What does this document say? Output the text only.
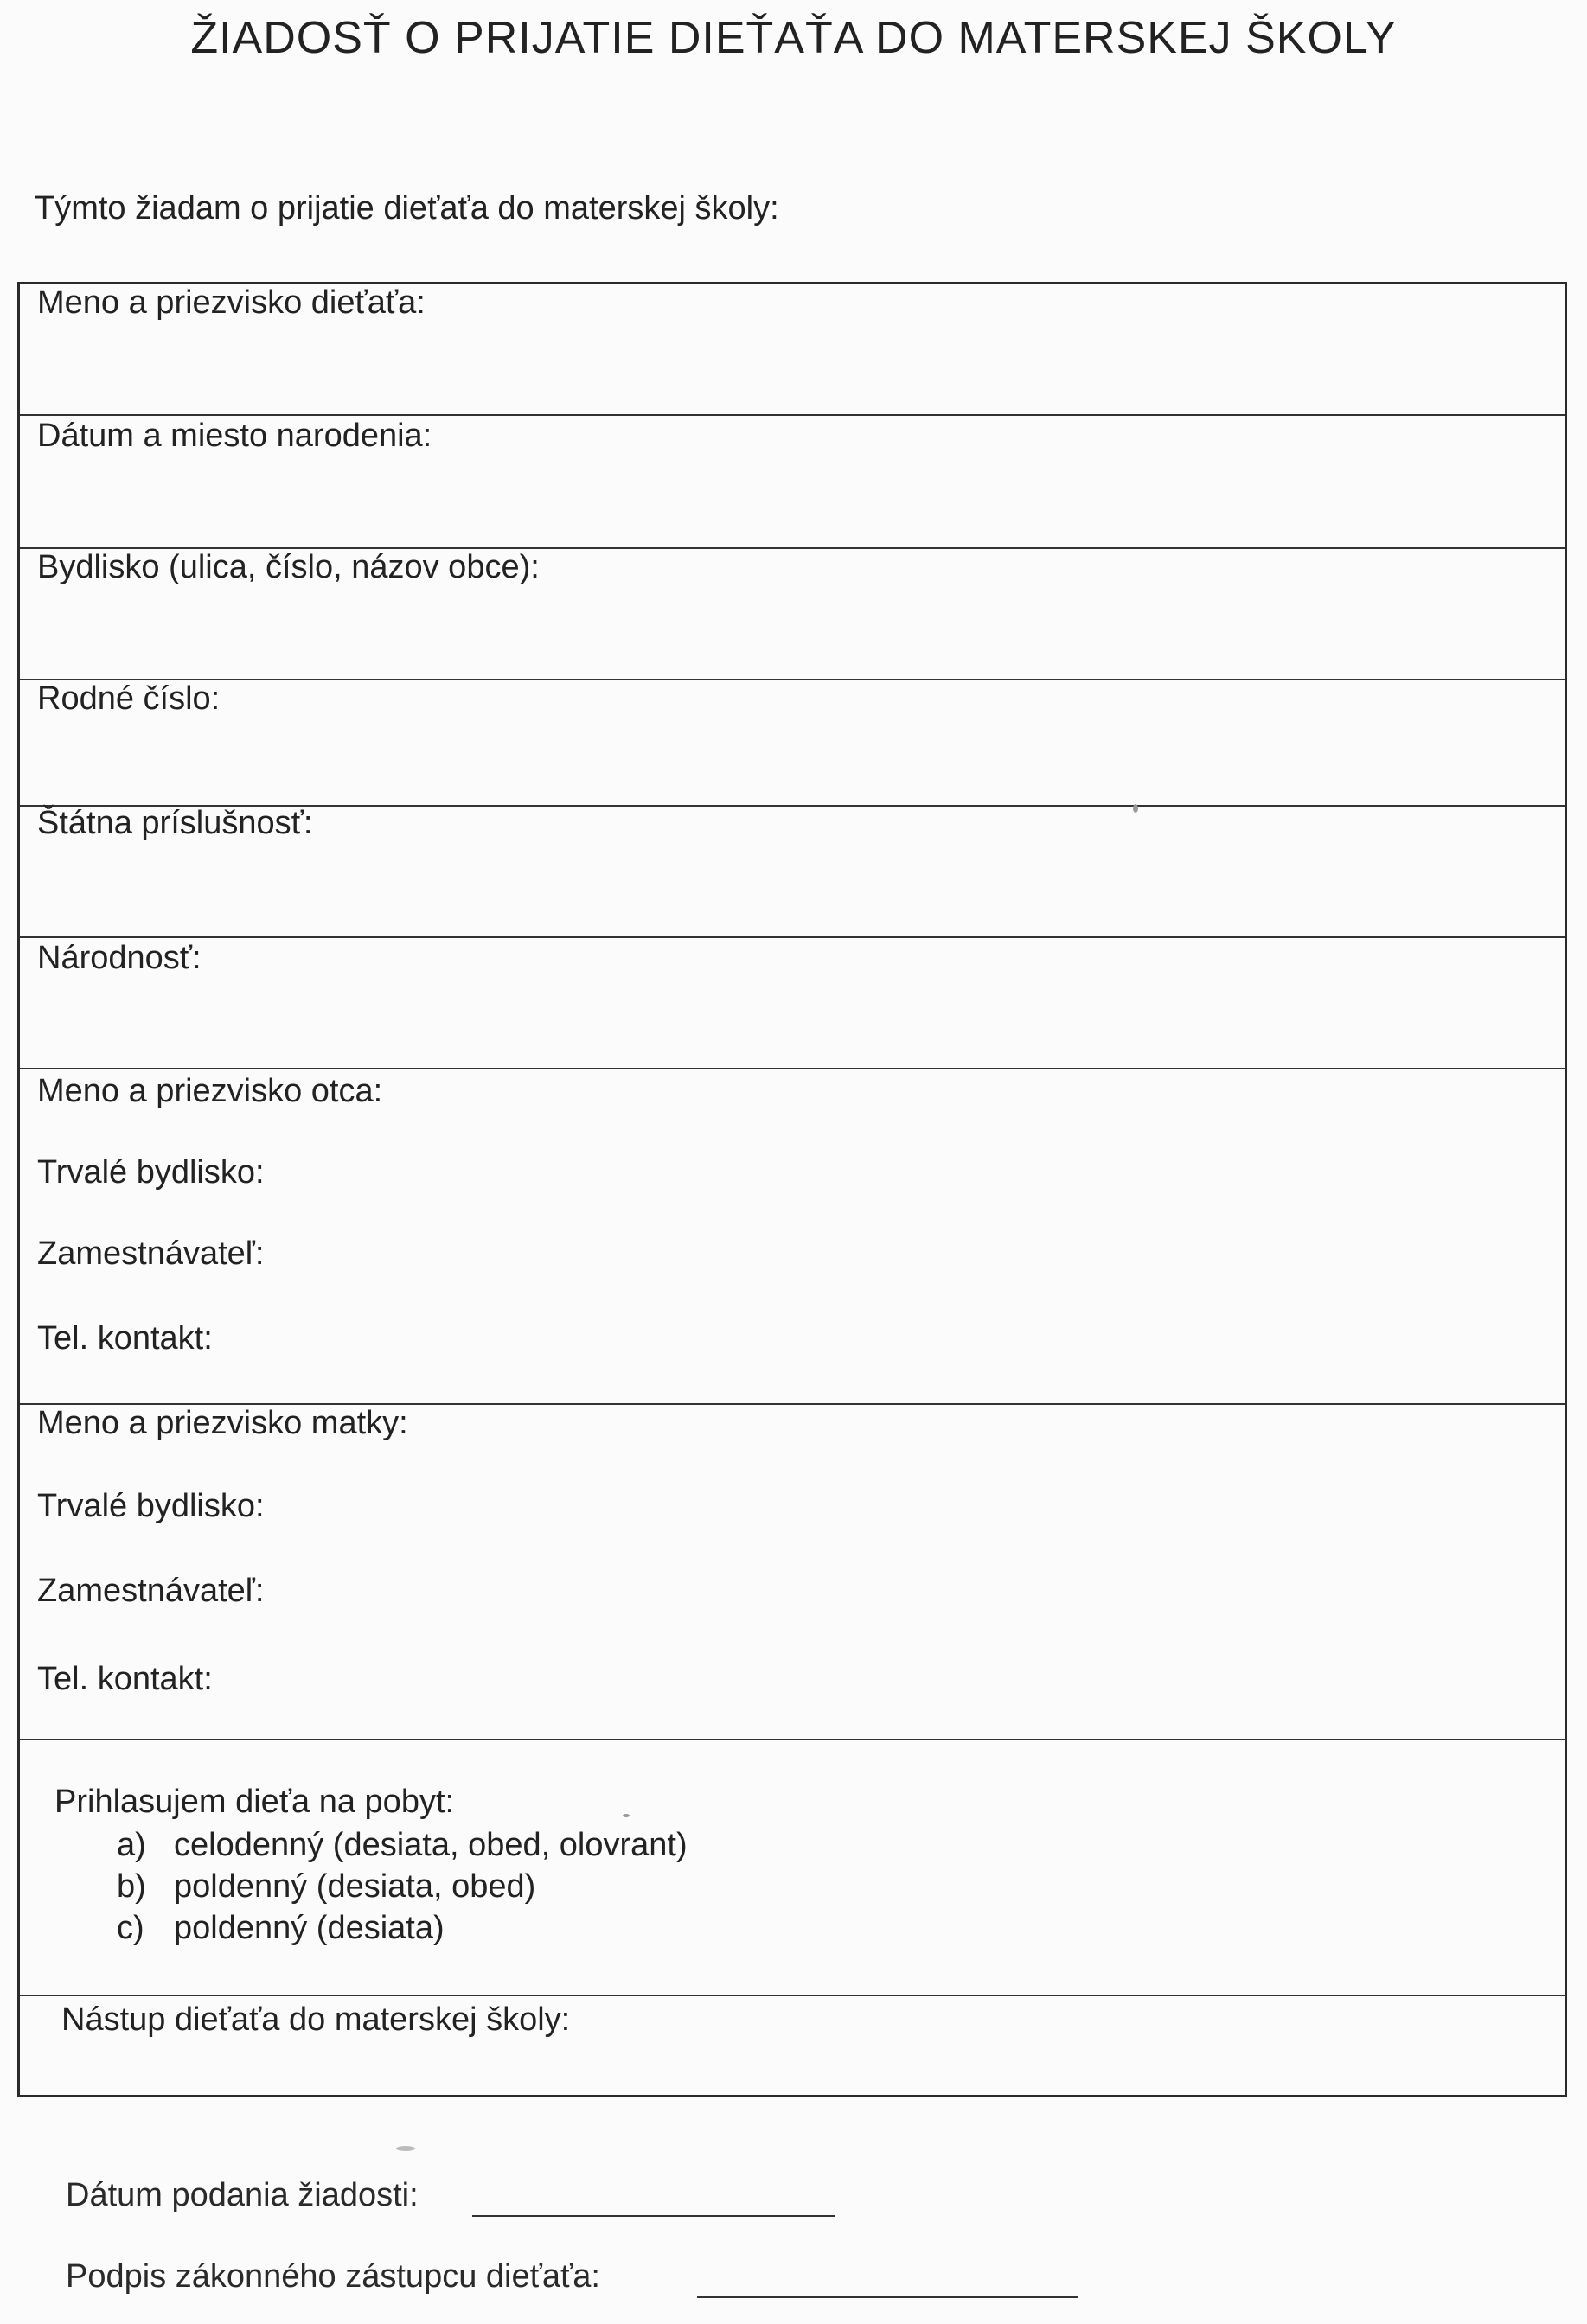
ŽIADOSŤ O PRIJATIE DIEŤAŤA DO MATERSKEJ ŠKOLY
Týmto žiadam o prijatie dieťaťa do materskej školy:
Meno a priezvisko dieťaťa:
Dátum a miesto narodenia:
Bydlisko (ulica, číslo, názov obce):
Rodné číslo:
Štátna príslušnosť:
Národnosť:
Meno a priezvisko otca:
Trvalé bydlisko:
Zamestnávateľ:
Tel. kontakt:
Meno a priezvisko matky:
Trvalé bydlisko:
Zamestnávateľ:
Tel. kontakt:
Prihlasujem dieťa na pobyt:
a) celodenný (desiata, obed, olovrant)
b) poldenný (desiata, obed)
c) poldenný (desiata)
Nástup dieťaťa do materskej školy:
Dátum podania žiadosti:
Podpis zákonného zástupcu dieťaťa:
